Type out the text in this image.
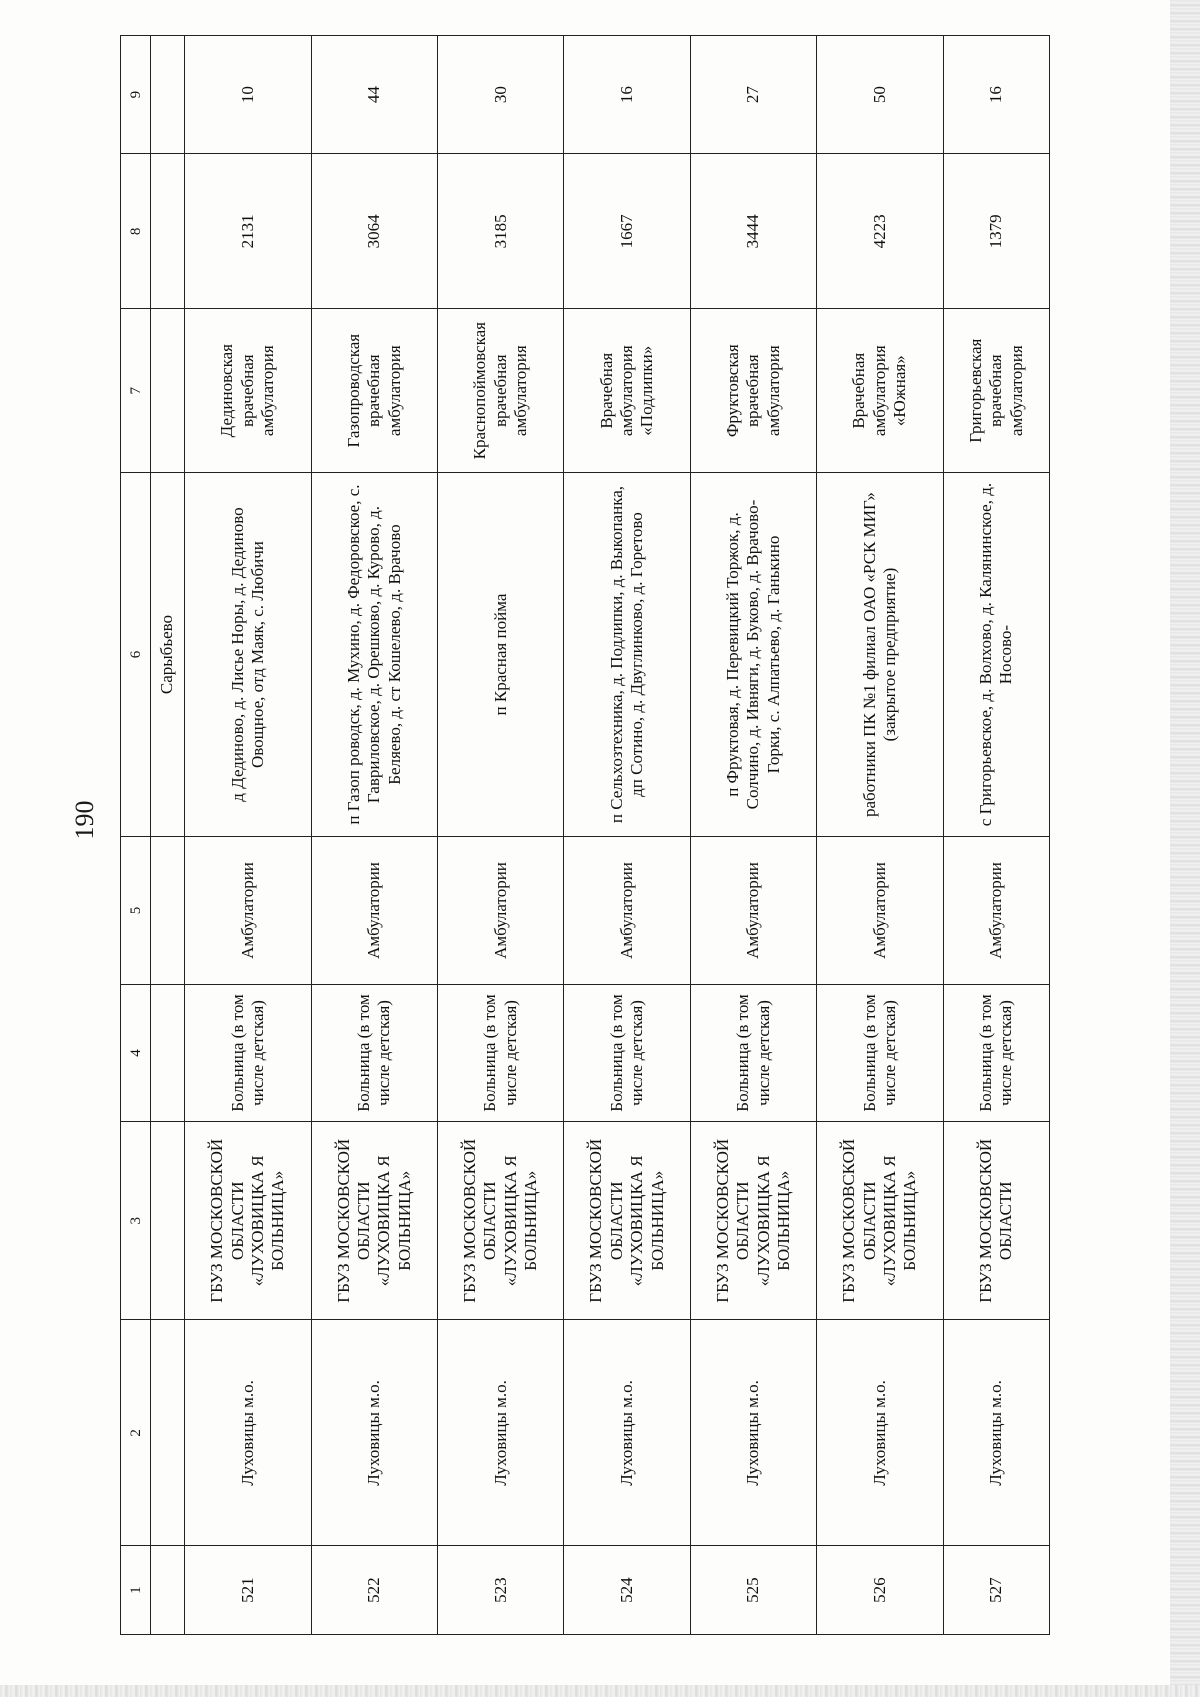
190
1	2	3	4	5	6	7	8	9
					Сарыбьево			
521	Луховицы м.о.	ГБУЗ МОСКОВСКОЙ ОБЛАСТИ «ЛУХОВИЦКА Я БОЛЬНИЦА»	Больница (в том числе детская)	Амбулатории	д Дединово, д. Лисье Норы, д. Дединово Овощное, отд Маяк, с. Любичи	Дединовская врачебная амбулатория	2131	10
522	Луховицы м.о.	ГБУЗ МОСКОВСКОЙ ОБЛАСТИ «ЛУХОВИЦКА Я БОЛЬНИЦА»	Больница (в том числе детская)	Амбулатории	п Газоп роводск, д. Мухино, д. Федоровское, с. Гавриловское, д. Орешково, д. Курово, д. Беляево, д. ст Кошелево, д. Врачово	Газопроводская врачебная амбулатория	3064	44
523	Луховицы м.о.	ГБУЗ МОСКОВСКОЙ ОБЛАСТИ «ЛУХОВИЦКА Я БОЛЬНИЦА»	Больница (в том числе детская)	Амбулатории	п Красная пойма	Краснопоймовская врачебная амбулатория	3185	30
524	Луховицы м.о.	ГБУЗ МОСКОВСКОЙ ОБЛАСТИ «ЛУХОВИЦКА Я БОЛЬНИЦА»	Больница (в том числе детская)	Амбулатории	п Сельхозтехника, д. Подлипки, д. Выкопанка, дп Сотино, д. Двуглинково, д. Горетово	Врачебная амбулатория «Подлипки»	1667	16
525	Луховицы м.о.	ГБУЗ МОСКОВСКОЙ ОБЛАСТИ «ЛУХОВИЦКА Я БОЛЬНИЦА»	Больница (в том числе детская)	Амбулатории	п Фруктовая, д. Перевицкий Торжок, д. Солчино, д. Ивняги, д. Буково, д. Врачово-Горки, с. Алпатьево, д. Ганькино	Фруктовская врачебная амбулатория	3444	27
526	Луховицы м.о.	ГБУЗ МОСКОВСКОЙ ОБЛАСТИ «ЛУХОВИЦКА Я БОЛЬНИЦА»	Больница (в том числе детская)	Амбулатории	работники ПК №1 филиал ОАО «РСК МИГ» (закрытое предприятие)	Врачебная амбулатория «Южная»	4223	50
527	Луховицы м.о.	ГБУЗ МОСКОВСКОЙ ОБЛАСТИ	Больница (в том числе детская)	Амбулатории	с Григорьевское, д. Волхово, д. Калянинское, д. Носово-	Григорьевская врачебная амбулатория	1379	16
